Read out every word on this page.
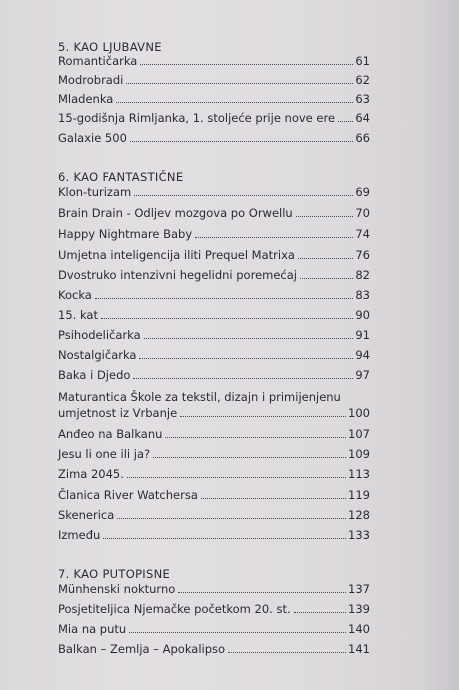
5. KAO LJUBAVNE
Romantičarka	61
Modrobradi	62
Mladenka	63
15-godišnja Rimljanka, 1. stoljeće prije nove ere 64
Galaxie 500	66
6. KAO FANTASTIČNE
Klon-turizam	69
Brain Drain - Odljev mozgova po Orwellu	70
Happy Nightmare Baby	74
Umjetna inteligencija iliti Prequel Matrixa	76
Dvostruko intenzivni hegelidni poremećaj	82
Kocka	83
15. kat	90
Psihodeličarka	91
Nostalgičarka	94
Baka i Djedo	97
Maturantica Škole za tekstil, dizajn i primijenjenu
umjetnost iz Vrbanje	100
Anđeo na Balkanu	107
Jesu li one ili ja?	109
Zima 2045.	113
Članica River Watchersa	119
Skenerica	128
Između	133
7. KAO PUTOPISNE
Münhenski nokturno	137
Posjetiteljica Njemačke početkom 20. st.	139
Mia na putu	140
Balkan – Zemlja – Apokalipso	141
